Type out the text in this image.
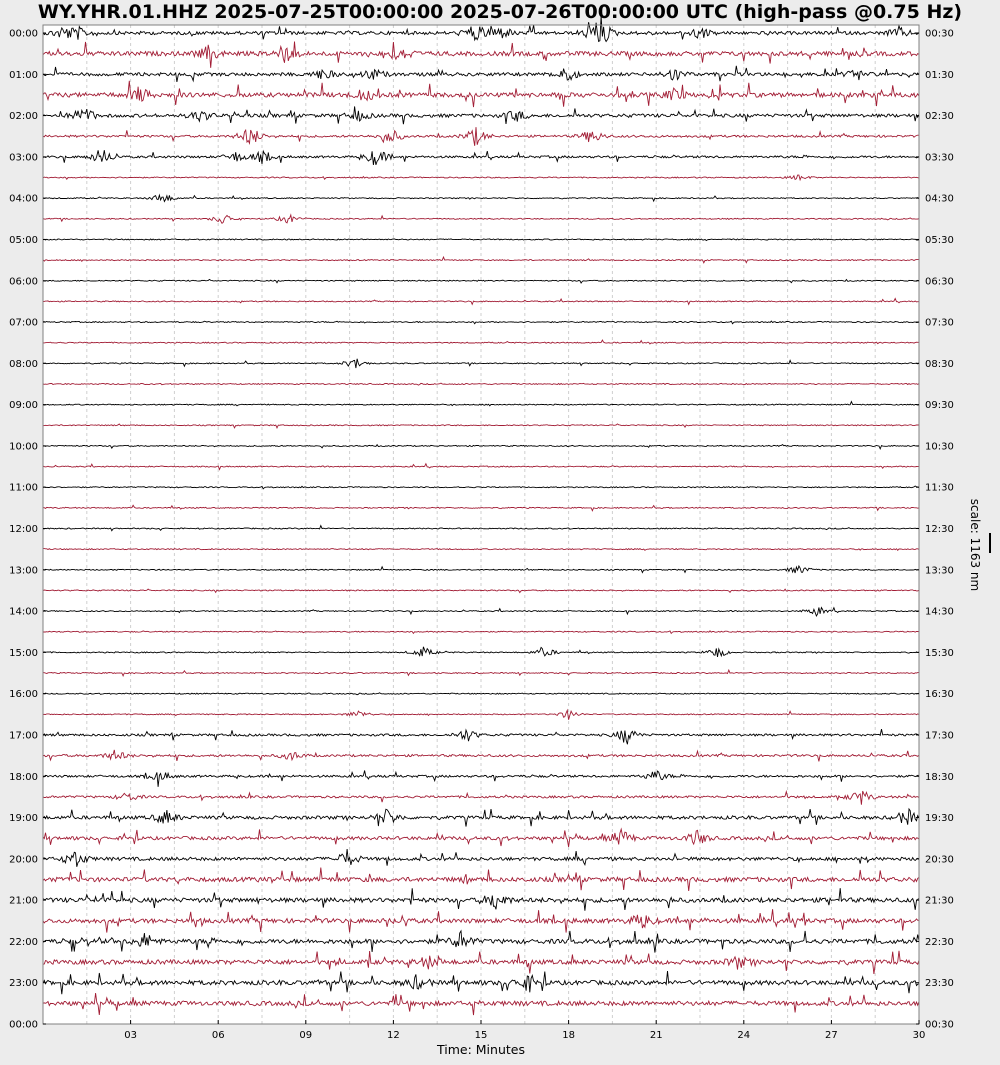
WY.YHR.01.HHZ 2025-07-25T00:00:00 2025-07-26T00:00:00 UTC (high-pass @0.75 Hz)
00:00
01:00
02:00
03:00
04:00
05:00
06:00
07:00
08:00
09:00
10:00
11:00
12:00
13:00
14:00
15:00
16:00
17:00
18:00
19:00
20:00
21:00
22:00
23:00
00:00
00:30
01:30
02:30
03:30
04:30
05:30
06:30
07:30
08:30
09:30
10:30
11:30
12:30
13:30
14:30
15:30
16:30
17:30
18:30
19:30
20:30
21:30
22:30
23:30
00:30
03	06	09	12	15	18	21	24	27	30
Time: Minutes
scale: 1163 nm
